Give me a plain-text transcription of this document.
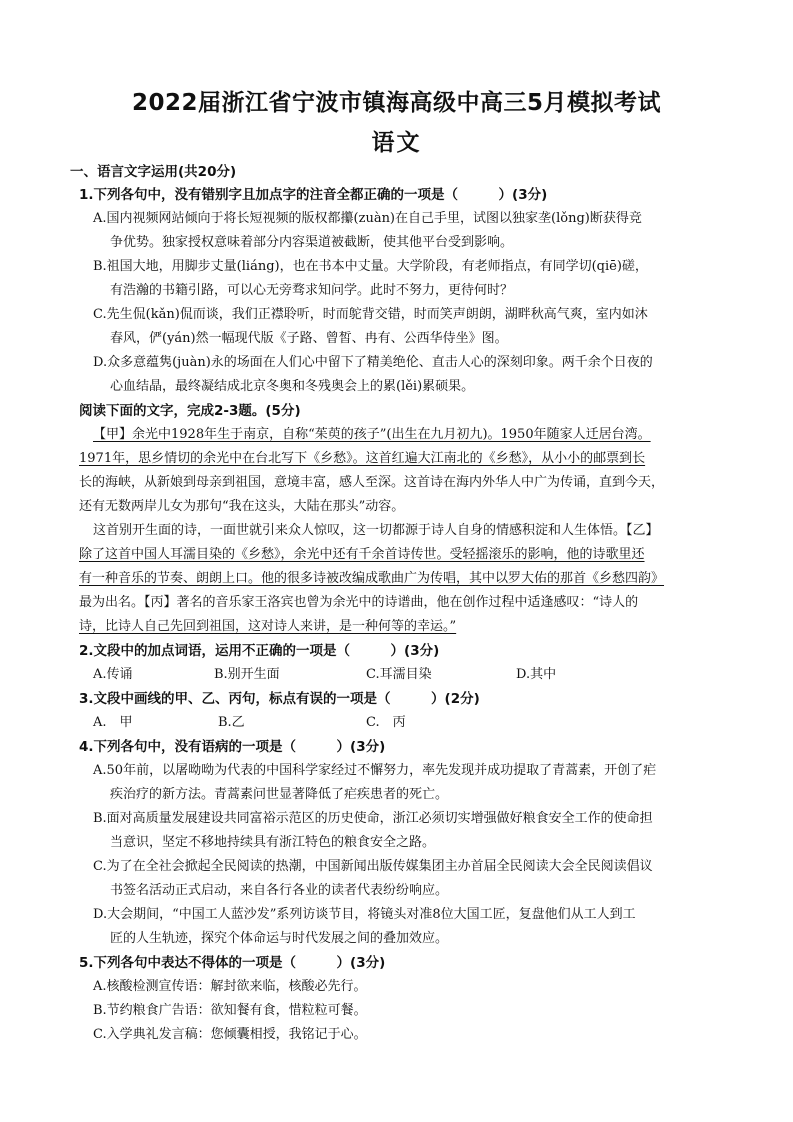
2022届浙江省宁波市镇海高级中高三5月模拟考试
语文
一、语言文字运用(共20分)
1.下列各句中，没有错别字且加点字的注音全都正确的一项是（　　　）(3分)
A.国内视频网站倾向于将长短视频的版权都攥(zuàn)在自己手里，试图以独家垄(lǒng)断获得竞
争优势。独家授权意味着部分内容渠道被截断，使其他平台受到影响。
B.祖国大地，用脚步丈量(liáng)，也在书本中丈量。大学阶段，有老师指点，有同学切(qiē)磋，
有浩瀚的书籍引路，可以心无旁骛求知问学。此时不努力，更待何时？
C.先生侃(kǎn)侃而谈，我们正襟聆听，时而鸵背交错，时而笑声朗朗，湖畔秋高气爽，室内如沐
春风，俨(yán)然一幅现代版《子路、曾皙、冉有、公西华侍坐》图。
D.众多意蕴隽(juàn)永的场面在人们心中留下了精美绝伦、直击人心的深刻印象。两千余个日夜的
心血结晶，最终凝结成北京冬奥和冬残奥会上的累(lěi)累硕果。
阅读下面的文字，完成2-3题。(5分)
【甲】余光中1928年生于南京，自称“茱萸的孩子”(出生在九月初九)。1950年随家人迁居台湾。
1971年，思乡情切的余光中在台北写下《乡愁》。这首红遍大江南北的《乡愁》，从小小的邮票到长
长的海峡，从新娘到母亲到祖国，意境丰富，感人至深。这首诗在海内外华人中广为传诵，直到今天，
还有无数两岸儿女为那句“我在这头，大陆在那头”动容。
这首别开生面的诗，一面世就引来众人惊叹，这一切都源于诗人自身的情感积淀和人生体悟。【乙】
除了这首中国人耳濡目染的《乡愁》，余光中还有千余首诗传世。受轻摇滚乐的影响，他的诗歌里还
有一种音乐的节奏、朗朗上口。他的很多诗被改编成歌曲广为传唱，其中以罗大佑的那首《乡愁四韵》
最为出名。【丙】著名的音乐家王洛宾也曾为余光中的诗谱曲，他在创作过程中适逢感叹：“诗人的
诗，比诗人自己先回到祖国，这对诗人来讲，是一种何等的幸运。”
2.文段中的加点词语，运用不正确的一项是（　　　）(3分)
A.传诵	B.别开生面	C.耳濡目染	D.其中
3.文段中画线的甲、乙、丙句，标点有误的一项是（　　　）(2分)
A.　甲	B.乙	C.　丙
4.下列各句中，没有语病的一项是（　　　）(3分)
A.50年前，以屠呦呦为代表的中国科学家经过不懈努力，率先发现并成功提取了青蒿素，开创了疟
疾治疗的新方法。青蒿素问世显著降低了疟疾患者的死亡。
B.面对高质量发展建设共同富裕示范区的历史使命，浙江必须切实增强做好粮食安全工作的使命担
当意识，坚定不移地持续具有浙江特色的粮食安全之路。
C.为了在全社会掀起全民阅读的热潮，中国新闻出版传媒集团主办首届全民阅读大会全民阅读倡议
书签名活动正式启动，来自各行各业的读者代表纷纷响应。
D.大会期间，“中国工人蓝沙发”系列访谈节目，将镜头对准8位大国工匠，复盘他们从工人到工
匠的人生轨迹，探究个体命运与时代发展之间的叠加效应。
5.下列各句中表达不得体的一项是（　　　）(3分)
A.核酸检测宣传语：解封欲来临，核酸必先行。
B.节约粮食广告语：欲知餐有食，惜粒粒可餐。
C.入学典礼发言稿：您倾囊相授，我铭记于心。
